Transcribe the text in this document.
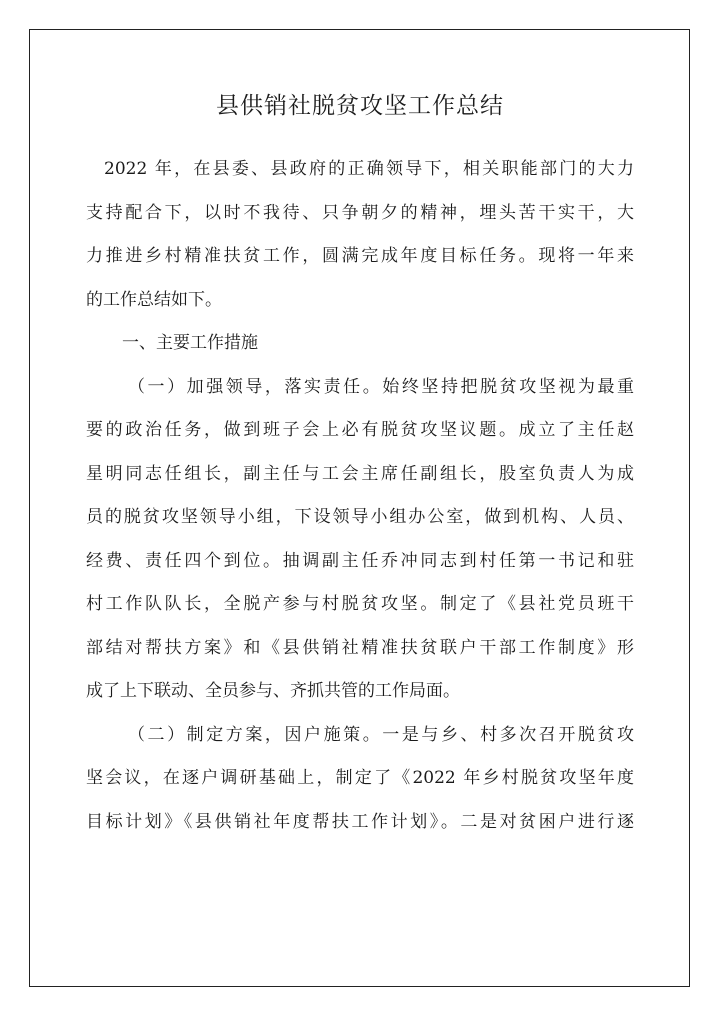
县供销社脱贫攻坚工作总结
2022 年，在县委、县政府的正确领导下，相关职能部门的大力
支持配合下，以时不我待、只争朝夕的精神，埋头苦干实干，大
力推进乡村精准扶贫工作，圆满完成年度目标任务。现将一年来
的工作总结如下。
一、主要工作措施
（一）加强领导，落实责任。始终坚持把脱贫攻坚视为最重
要的政治任务，做到班子会上必有脱贫攻坚议题。成立了主任赵
星明同志任组长，副主任与工会主席任副组长，股室负责人为成
员的脱贫攻坚领导小组，下设领导小组办公室，做到机构、人员、
经费、责任四个到位。抽调副主任乔冲同志到村任第一书记和驻
村工作队队长，全脱产参与村脱贫攻坚。制定了《县社党员班干
部结对帮扶方案》和《县供销社精准扶贫联户干部工作制度》形
成了上下联动、全员参与、齐抓共管的工作局面。
（二）制定方案，因户施策。一是与乡、村多次召开脱贫攻
坚会议，在逐户调研基础上，制定了《2022 年乡村脱贫攻坚年度
目标计划》《县供销社年度帮扶工作计划》。二是对贫困户进行逐
